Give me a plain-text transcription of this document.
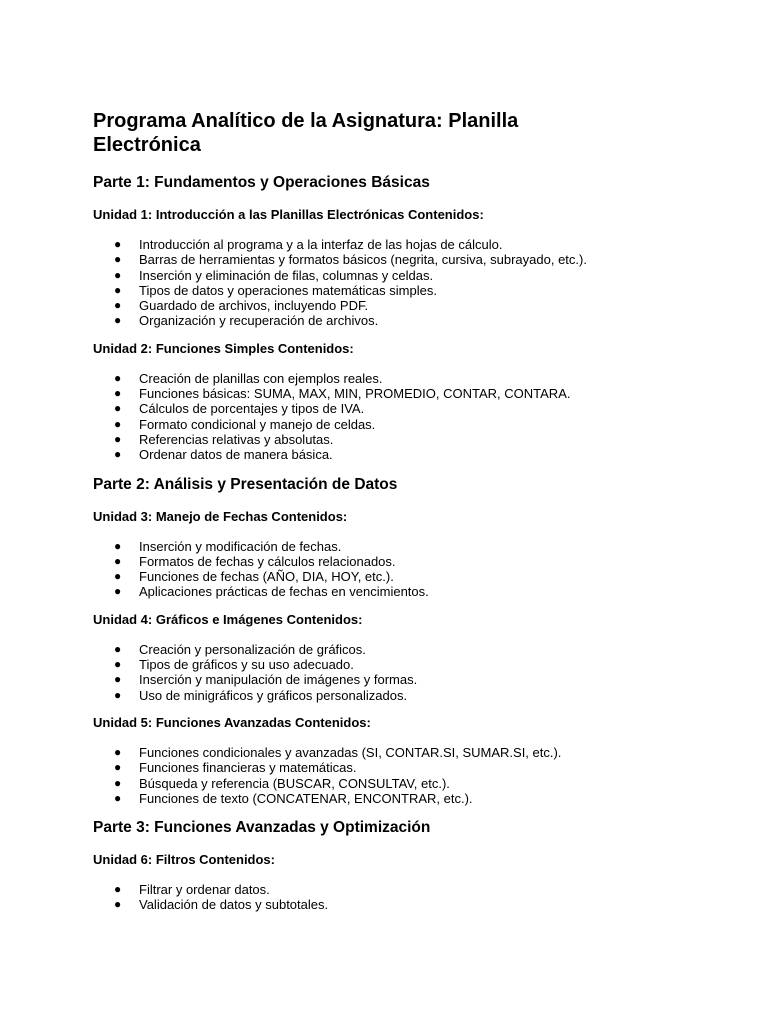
Programa Analítico de la Asignatura: Planilla Electrónica
Parte 1: Fundamentos y Operaciones Básicas
Unidad 1: Introducción a las Planillas Electrónicas Contenidos:
● Introducción al programa y a la interfaz de las hojas de cálculo.
● Barras de herramientas y formatos básicos (negrita, cursiva, subrayado, etc.).
● Inserción y eliminación de filas, columnas y celdas.
● Tipos de datos y operaciones matemáticas simples.
● Guardado de archivos, incluyendo PDF.
● Organización y recuperación de archivos.
Unidad 2: Funciones Simples Contenidos:
● Creación de planillas con ejemplos reales.
● Funciones básicas: SUMA, MAX, MIN, PROMEDIO, CONTAR, CONTARA.
● Cálculos de porcentajes y tipos de IVA.
● Formato condicional y manejo de celdas.
● Referencias relativas y absolutas.
● Ordenar datos de manera básica.
Parte 2: Análisis y Presentación de Datos
Unidad 3: Manejo de Fechas Contenidos:
● Inserción y modificación de fechas.
● Formatos de fechas y cálculos relacionados.
● Funciones de fechas (AÑO, DIA, HOY, etc.).
● Aplicaciones prácticas de fechas en vencimientos.
Unidad 4: Gráficos e Imágenes Contenidos:
● Creación y personalización de gráficos.
● Tipos de gráficos y su uso adecuado.
● Inserción y manipulación de imágenes y formas.
● Uso de minigráficos y gráficos personalizados.
Unidad 5: Funciones Avanzadas Contenidos:
● Funciones condicionales y avanzadas (SI, CONTAR.SI, SUMAR.SI, etc.).
● Funciones financieras y matemáticas.
● Búsqueda y referencia (BUSCAR, CONSULTAV, etc.).
● Funciones de texto (CONCATENAR, ENCONTRAR, etc.).
Parte 3: Funciones Avanzadas y Optimización
Unidad 6: Filtros Contenidos:
● Filtrar y ordenar datos.
● Validación de datos y subtotales.
